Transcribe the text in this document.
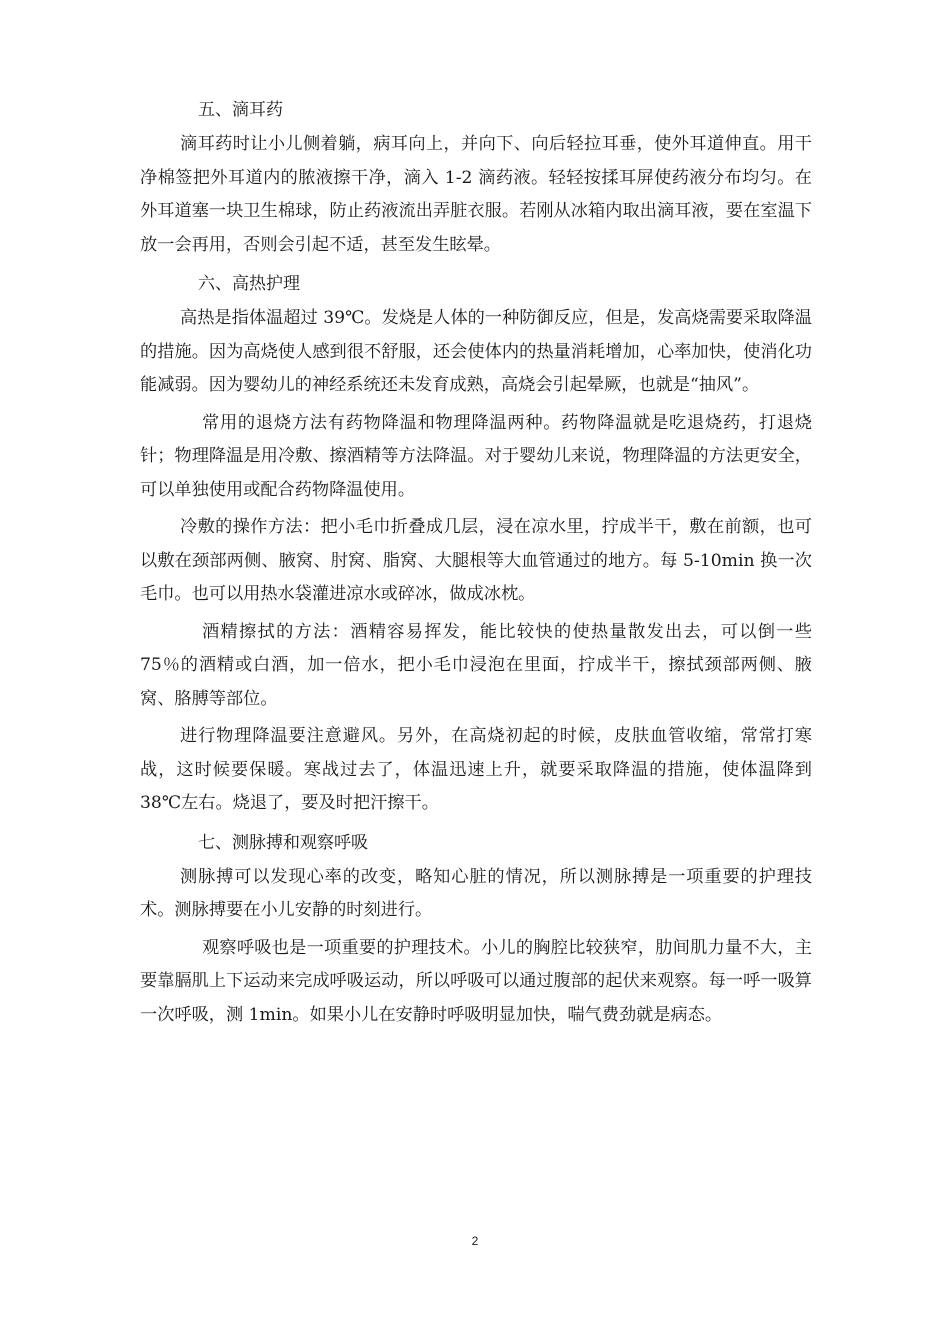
五、滴耳药

滴耳药时让小儿侧着躺，病耳向上，并向下、向后轻拉耳垂，使外耳道伸直。用干净棉签把外耳道内的脓液擦干净，滴入 1-2 滴药液。轻轻按揉耳屏使药液分布均匀。在外耳道塞一块卫生棉球，防止药液流出弄脏衣服。若刚从冰箱内取出滴耳液，要在室温下放一会再用，否则会引起不适，甚至发生眩晕。

六、高热护理

高热是指体温超过 39℃。发烧是人体的一种防御反应，但是，发高烧需要采取降温的措施。因为高烧使人感到很不舒服，还会使体内的热量消耗增加，心率加快，使消化功能减弱。因为婴幼儿的神经系统还未发育成熟，高烧会引起晕厥，也就是“抽风”。

常用的退烧方法有药物降温和物理降温两种。药物降温就是吃退烧药，打退烧针；物理降温是用冷敷、擦酒精等方法降温。对于婴幼儿来说，物理降温的方法更安全，可以单独使用或配合药物降温使用。

冷敷的操作方法：把小毛巾折叠成几层，浸在凉水里，拧成半干，敷在前额，也可以敷在颈部两侧、腋窝、肘窝、脂窝、大腿根等大血管通过的地方。每 5-10min 换一次毛巾。也可以用热水袋灌进凉水或碎冰，做成冰枕。

酒精擦拭的方法：酒精容易挥发，能比较快的使热量散发出去，可以倒一些 75％的酒精或白酒，加一倍水，把小毛巾浸泡在里面，拧成半干，擦拭颈部两侧、腋窝、胳膊等部位。

进行物理降温要注意避风。另外，在高烧初起的时候，皮肤血管收缩，常常打寒战，这时候要保暖。寒战过去了，体温迅速上升，就要采取降温的措施，使体温降到 38℃左右。烧退了，要及时把汗擦干。

七、测脉搏和观察呼吸

测脉搏可以发现心率的改变，略知心脏的情况，所以测脉搏是一项重要的护理技术。测脉搏要在小儿安静的时刻进行。

观察呼吸也是一项重要的护理技术。小儿的胸腔比较狭窄，肋间肌力量不大，主要靠膈肌上下运动来完成呼吸运动，所以呼吸可以通过腹部的起伏来观察。每一呼一吸算一次呼吸，测 1min。如果小儿在安静时呼吸明显加快，喘气费劲就是病态。

2
